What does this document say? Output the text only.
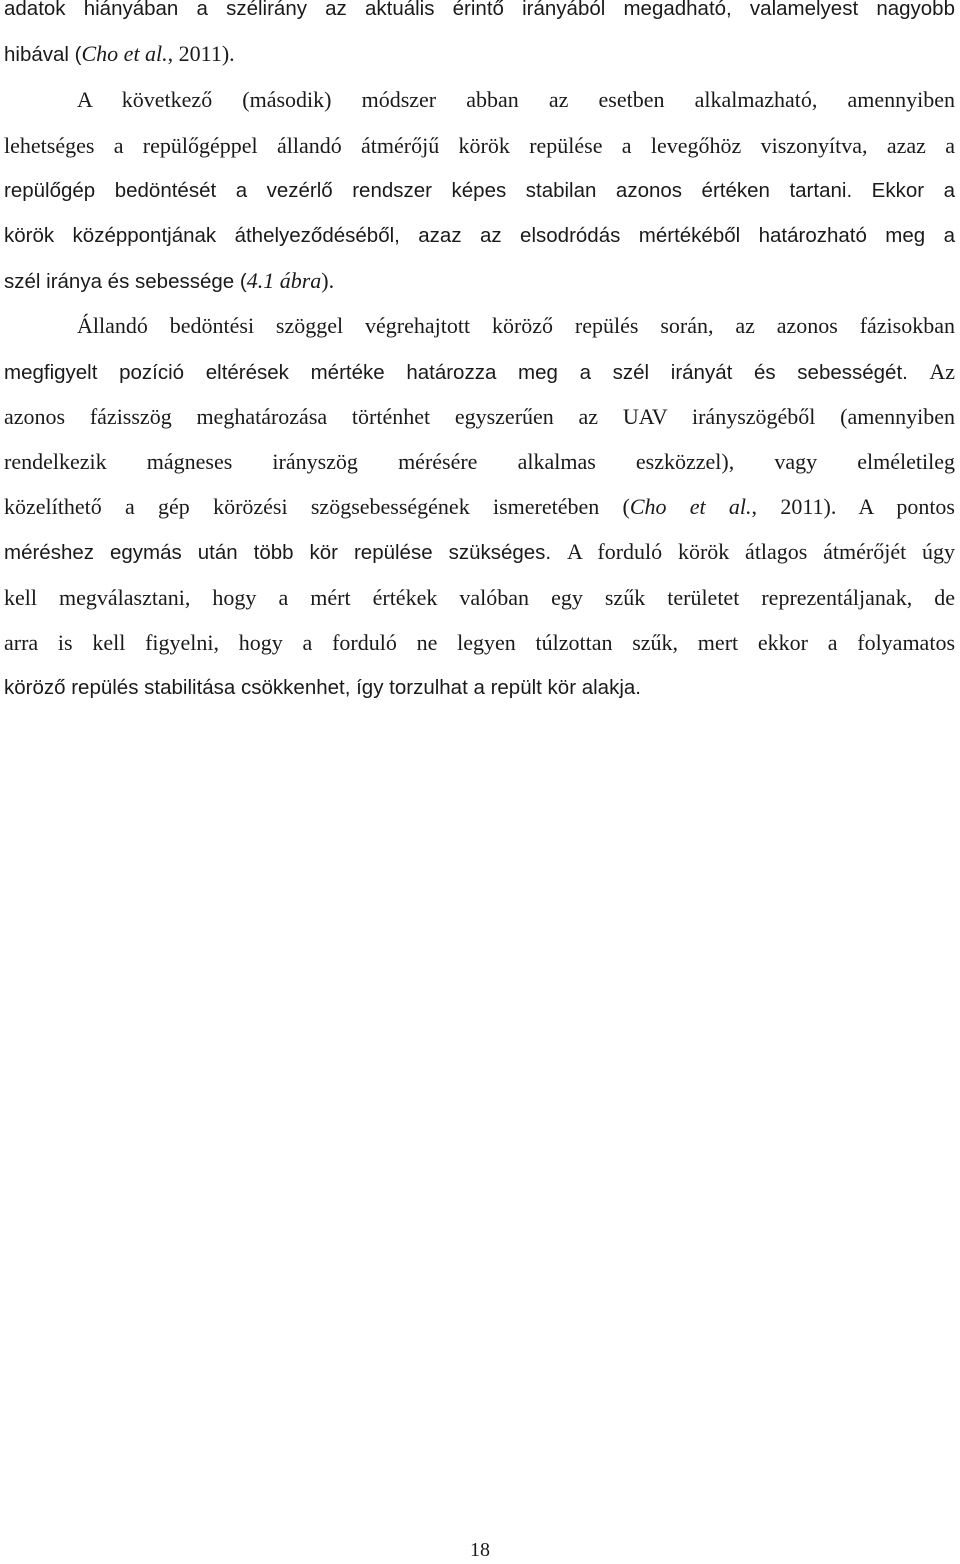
adatok hiányában a szélirány az aktuális érintő irányából megadható, valamelyest nagyobb
hibával (Cho et al., 2011).
A következő (második) módszer abban az esetben alkalmazható, amennyiben
lehetséges a repülőgéppel állandó átmérőjű körök repülése a levegőhöz viszonyítva, azaz a
repülőgép bedöntését a vezérlő rendszer képes stabilan azonos értéken tartani. Ekkor a
körök középpontjának áthelyeződéséből, azaz az elsodródás mértékéből határozható meg a
szél iránya és sebessége (4.1 ábra).
Állandó bedöntési szöggel végrehajtott köröző repülés során, az azonos fázisokban
megfigyelt pozíció eltérések mértéke határozza meg a szél irányát és sebességét. Az
azonos fázisszög meghatározása történhet egyszerűen az UAV irányszögéből (amennyiben
rendelkezik mágneses irányszög mérésére alkalmas eszközzel), vagy elméletileg
közelíthető a gép körözési szögsebességének ismeretében (Cho et al., 2011). A pontos
méréshez egymás után több kör repülése szükséges. A forduló körök átlagos átmérőjét úgy
kell megválasztani, hogy a mért értékek valóban egy szűk területet reprezentáljanak, de
arra is kell figyelni, hogy a forduló ne legyen túlzottan szűk, mert ekkor a folyamatos
köröző repülés stabilitása csökkenhet, így torzulhat a repült kör alakja.
18
